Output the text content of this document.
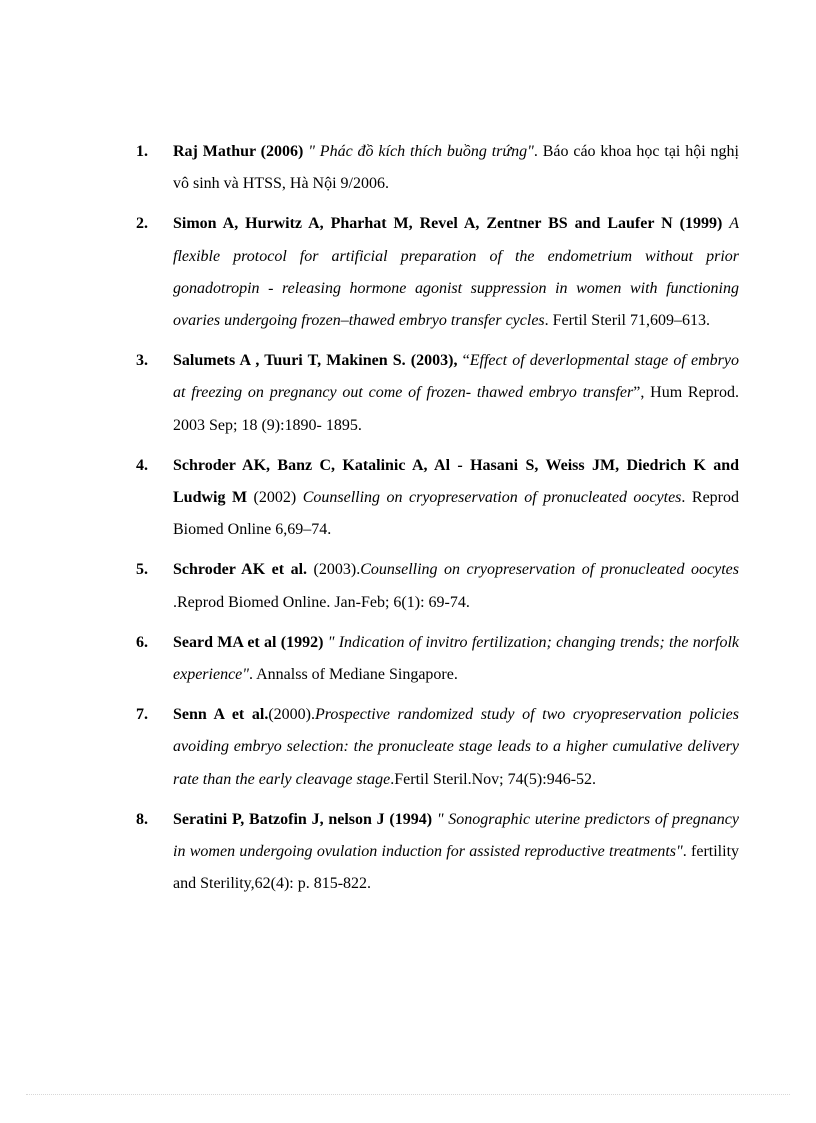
1. Raj Mathur (2006) " Phác đồ kích thích buồng trứng". Báo cáo khoa học tại hội nghị vô sinh và HTSS, Hà Nội 9/2006.
2. Simon A, Hurwitz A, Pharhat M, Revel A, Zentner BS and Laufer N (1999) A flexible protocol for artificial preparation of the endometrium without prior gonadotropin - releasing hormone agonist suppression in women with functioning ovaries undergoing frozen–thawed embryo transfer cycles. Fertil Steril 71,609–613.
3. Salumets A , Tuuri T, Makinen S. (2003), “Effect of deverlopmental stage of embryo at freezing on pregnancy out come of frozen- thawed embryo transfer”, Hum Reprod. 2003 Sep; 18 (9):1890- 1895.
4. Schroder AK, Banz C, Katalinic A, Al - Hasani S, Weiss JM, Diedrich K and Ludwig M (2002) Counselling on cryopreservation of pronucleated oocytes. Reprod Biomed Online 6,69–74.
5. Schroder AK et al. (2003).Counselling on cryopreservation of pronucleated oocytes .Reprod Biomed Online. Jan-Feb; 6(1): 69-74.
6. Seard MA et al (1992) " Indication of invitro fertilization; changing trends; the norfolk experience". Annalss of Mediane Singapore.
7. Senn A et al.(2000).Prospective randomized study of two cryopreservation policies avoiding embryo selection: the pronucleate stage leads to a higher cumulative delivery rate than the early cleavage stage.Fertil Steril.Nov; 74(5):946-52.
8. Seratini P, Batzofin J, nelson J (1994) " Sonographic uterine predictors of pregnancy in women undergoing ovulation induction for assisted reproductive treatments". fertility and Sterility,62(4): p. 815-822.
